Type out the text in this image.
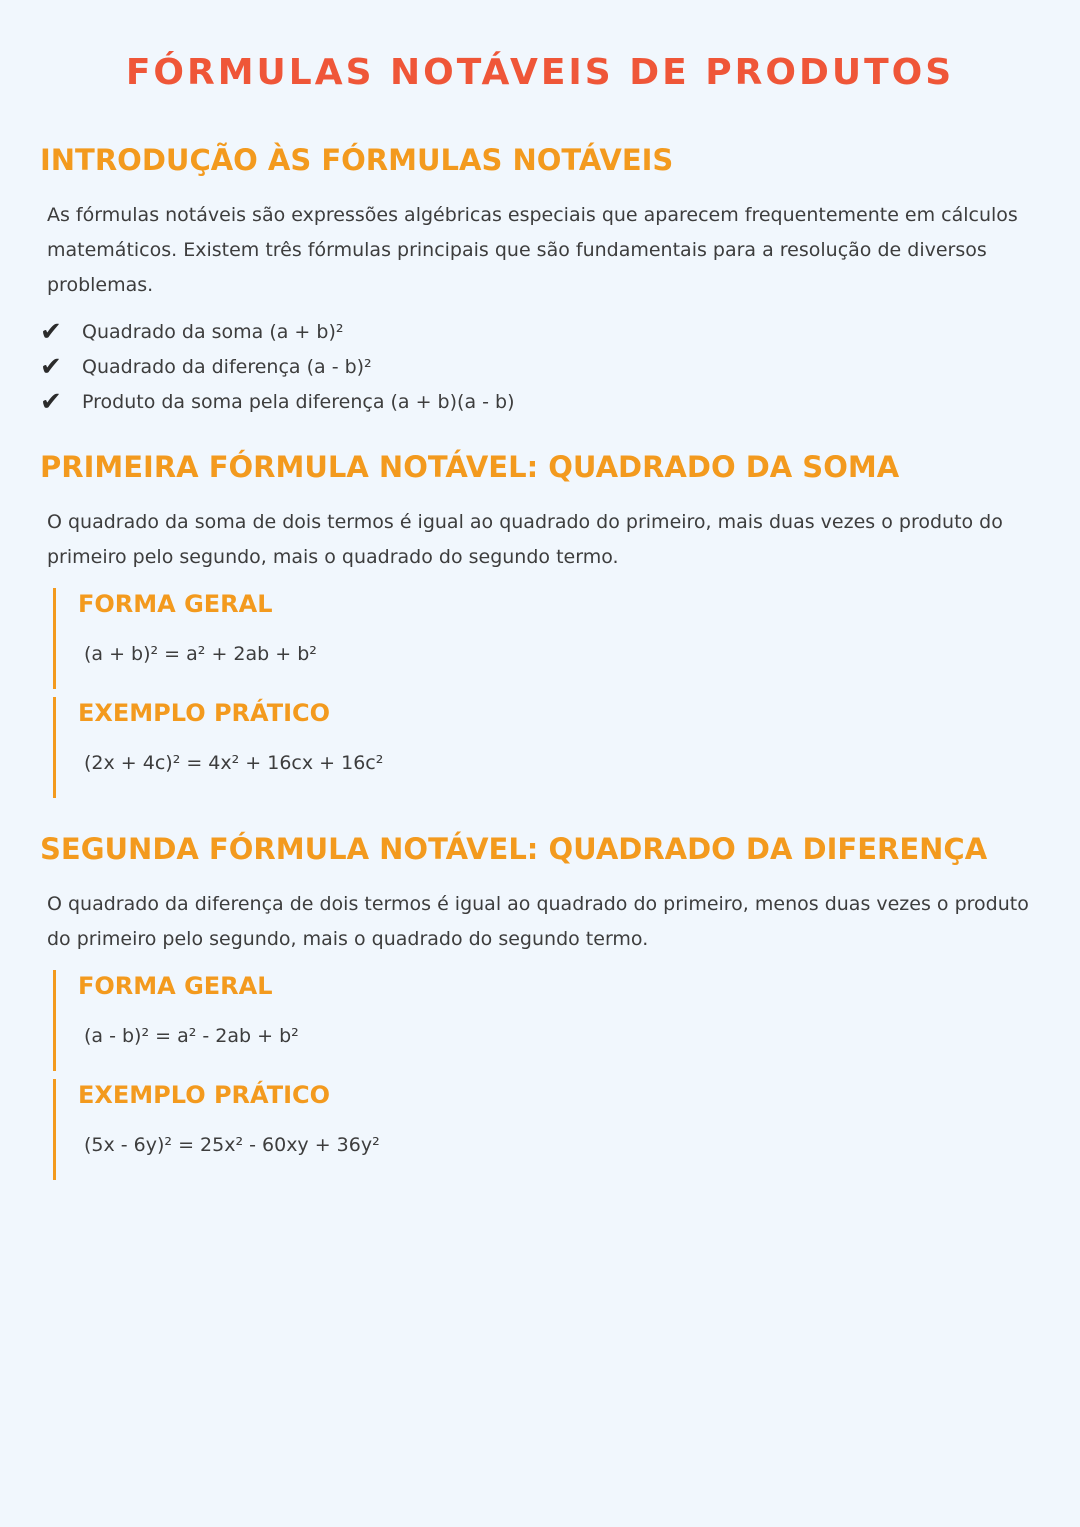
FÓRMULAS NOTÁVEIS DE PRODUTOS
INTRODUÇÃO ÀS FÓRMULAS NOTÁVEIS
As fórmulas notáveis são expressões algébricas especiais que aparecem frequentemente em cálculos
matemáticos. Existem três fórmulas principais que são fundamentais para a resolução de diversos
problemas.
✔	Quadrado da soma (a + b)²
✔	Quadrado da diferença (a - b)²
✔	Produto da soma pela diferença (a + b)(a - b)
PRIMEIRA FÓRMULA NOTÁVEL: QUADRADO DA SOMA
O quadrado da soma de dois termos é igual ao quadrado do primeiro, mais duas vezes o produto do
primeiro pelo segundo, mais o quadrado do segundo termo.
FORMA GERAL
(a + b)² = a² + 2ab + b²
EXEMPLO PRÁTICO
(2x + 4c)² = 4x² + 16cx + 16c²
SEGUNDA FÓRMULA NOTÁVEL: QUADRADO DA DIFERENÇA
O quadrado da diferença de dois termos é igual ao quadrado do primeiro, menos duas vezes o produto
do primeiro pelo segundo, mais o quadrado do segundo termo.
FORMA GERAL
(a - b)² = a² - 2ab + b²
EXEMPLO PRÁTICO
(5x - 6y)² = 25x² - 60xy + 36y²
